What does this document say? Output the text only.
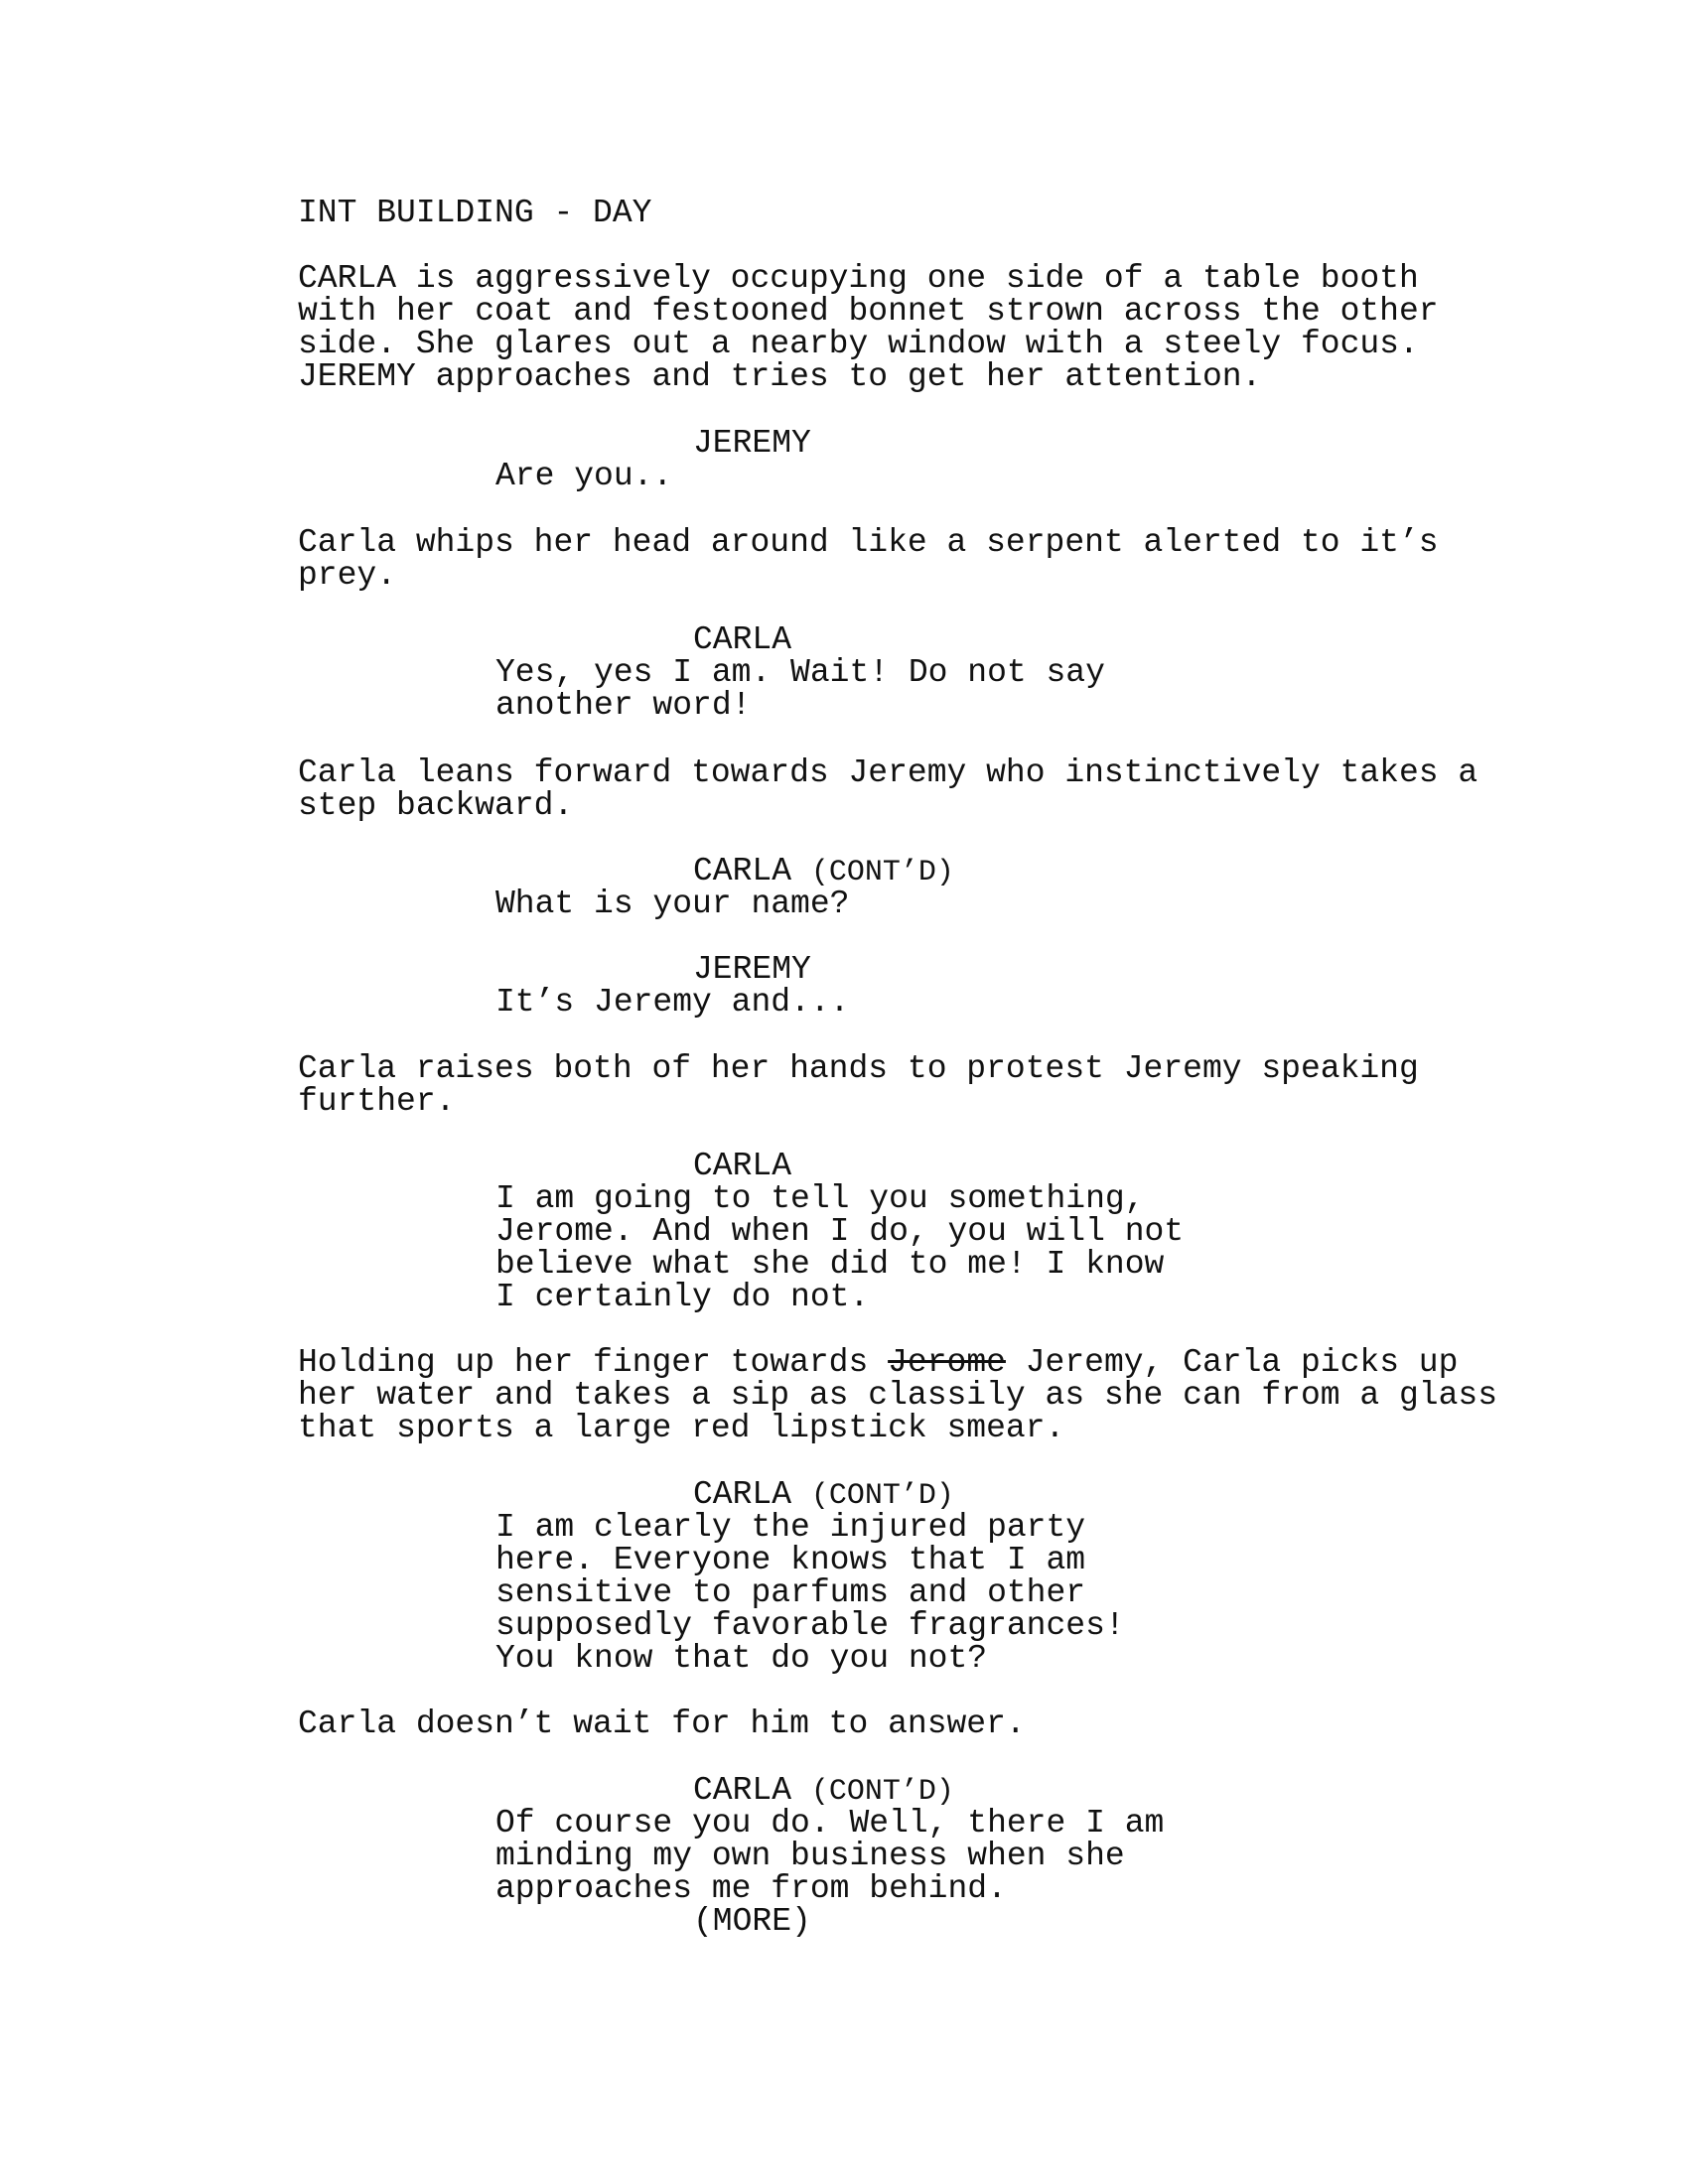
INT BUILDING - DAY
CARLA is aggressively occupying one side of a table booth
with her coat and festooned bonnet strown across the other
side. She glares out a nearby window with a steely focus.
JEREMY approaches and tries to get her attention.
JEREMY
Are you..
Carla whips her head around like a serpent alerted to it’s
prey.
CARLA
Yes, yes I am. Wait! Do not say
another word!
Carla leans forward towards Jeremy who instinctively takes a
step backward.
CARLA (CONT’D)
What is your name?
JEREMY
It’s Jeremy and...
Carla raises both of her hands to protest Jeremy speaking
further.
CARLA
I am going to tell you something,
Jerome. And when I do, you will not
believe what she did to me! I know
I certainly do not.
Holding up her finger towards Jerome Jeremy, Carla picks up
her water and takes a sip as classily as she can from a glass
that sports a large red lipstick smear.
CARLA (CONT’D)
I am clearly the injured party
here. Everyone knows that I am
sensitive to parfums and other
supposedly favorable fragrances!
You know that do you not?
Carla doesn’t wait for him to answer.
CARLA (CONT’D)
Of course you do. Well, there I am
minding my own business when she
approaches me from behind.
(MORE)
